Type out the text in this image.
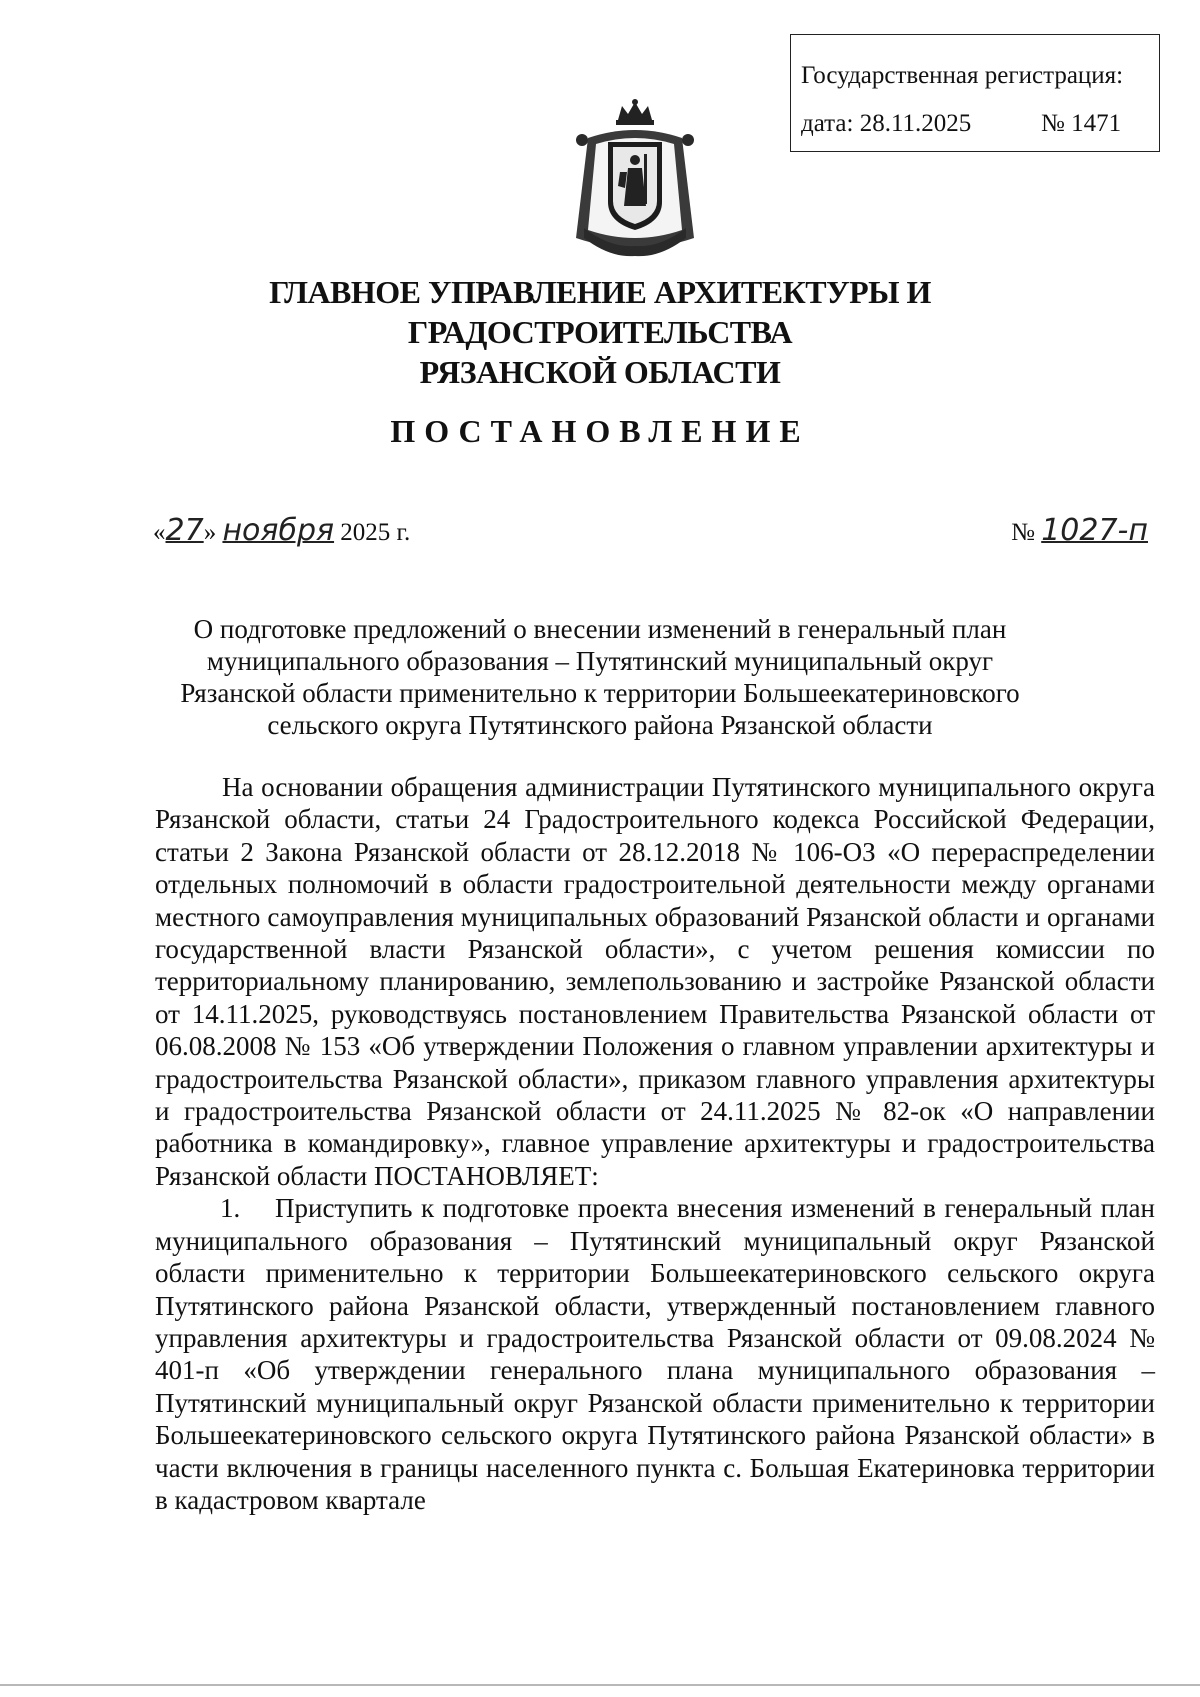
Государственная регистрация:
дата: 28.11.2025	№ 1471
ГЛАВНОЕ УПРАВЛЕНИЕ АРХИТЕКТУРЫ И ГРАДОСТРОИТЕЛЬСТВА
РЯЗАНСКОЙ ОБЛАСТИ
ПОСТАНОВЛЕНИЕ
«27» ноября 2025 г.	№ 1027-п
О подготовке предложений о внесении изменений в генеральный план муниципального образования – Путятинский муниципальный округ Рязанской области применительно к территории Большеекатериновского сельского округа Путятинского района Рязанской области

На основании обращения администрации Путятинского муниципального округа Рязанской области, статьи 24 Градостроительного кодекса Российской Федерации, статьи 2 Закона Рязанской области от 28.12.2018 № 106-ОЗ «О перераспределении отдельных полномочий в области градостроительной деятельности между органами местного самоуправления муниципальных образований Рязанской области и органами государственной власти Рязанской области», с учетом решения комиссии по территориальному планированию, землепользованию и застройке Рязанской области от 14.11.2025, руководствуясь постановлением Правительства Рязанской области от 06.08.2008 № 153 «Об утверждении Положения о главном управлении архитектуры и градостроительства Рязанской области», приказом главного управления архитектуры и градостроительства Рязанской области от 24.11.2025 № 82-ок «О направлении работника в командировку», главное управление архитектуры и градостроительства Рязанской области ПОСТАНОВЛЯЕТ:

1. Приступить к подготовке проекта внесения изменений в генеральный план муниципального образования – Путятинский муниципальный округ Рязанской области применительно к территории Большеекатериновского сельского округа Путятинского района Рязанской области, утвержденный постановлением главного управления архитектуры и градостроительства Рязанской области от 09.08.2024 № 401-п «Об утверждении генерального плана муниципального образования – Путятинский муниципальный округ Рязанской области применительно к территории Большеекатериновского сельского округа Путятинского района Рязанской области» в части включения в границы населенного пункта с. Большая Екатериновка территории в кадастровом квартале
